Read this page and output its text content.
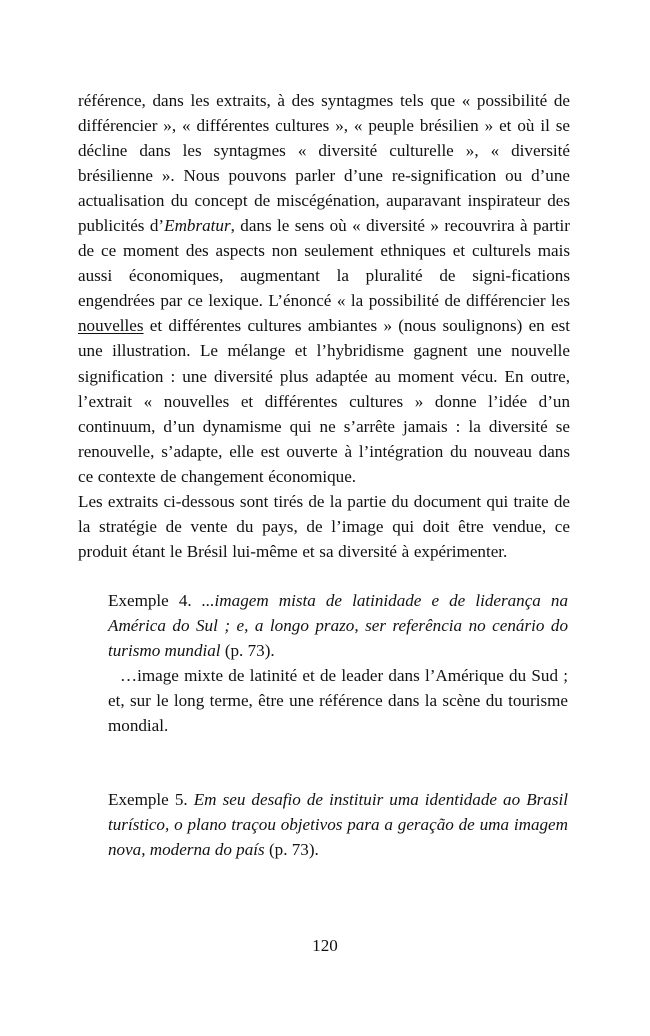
référence, dans les extraits, à des syntagmes tels que « possibilité de différencier », « différentes cultures », « peuple brésilien » et où il se décline dans les syntagmes « diversité culturelle », « diversité brésilienne ». Nous pouvons parler d’une re-signification ou d’une actualisation du concept de miscégénation, auparavant inspirateur des publicités d’Embratur, dans le sens où « diversité » recouvrira à partir de ce moment des aspects non seulement ethniques et culturels mais aussi économiques, augmentant la pluralité de signi-fications engendrées par ce lexique. L’énoncé « la possibilité de différencier les nouvelles et différentes cultures ambiantes » (nous soulignons) en est une illustration. Le mélange et l’hybridisme gagnent une nouvelle signification : une diversité plus adaptée au moment vécu. En outre, l’extrait « nouvelles et différentes cultures » donne l’idée d’un continuum, d’un dynamisme qui ne s’arrête jamais : la diversité se renouvelle, s’adapte, elle est ouverte à l’intégration du nouveau dans ce contexte de changement économique.

Les extraits ci-dessous sont tirés de la partie du document qui traite de la stratégie de vente du pays, de l’image qui doit être vendue, ce produit étant le Brésil lui-même et sa diversité à expérimenter.

Exemple 4. ...imagem mista de latinidade e de liderança na América do Sul ; e, a longo prazo, ser referência no cenário do turismo mundial (p. 73).

…image mixte de latinité et de leader dans l’Amérique du Sud ; et, sur le long terme, être une référence dans la scène du tourisme mondial.

Exemple 5. Em seu desafio de instituir uma identidade ao Brasil turístico, o plano traçou objetivos para a geração de uma imagem nova, moderna do país (p. 73).

120
